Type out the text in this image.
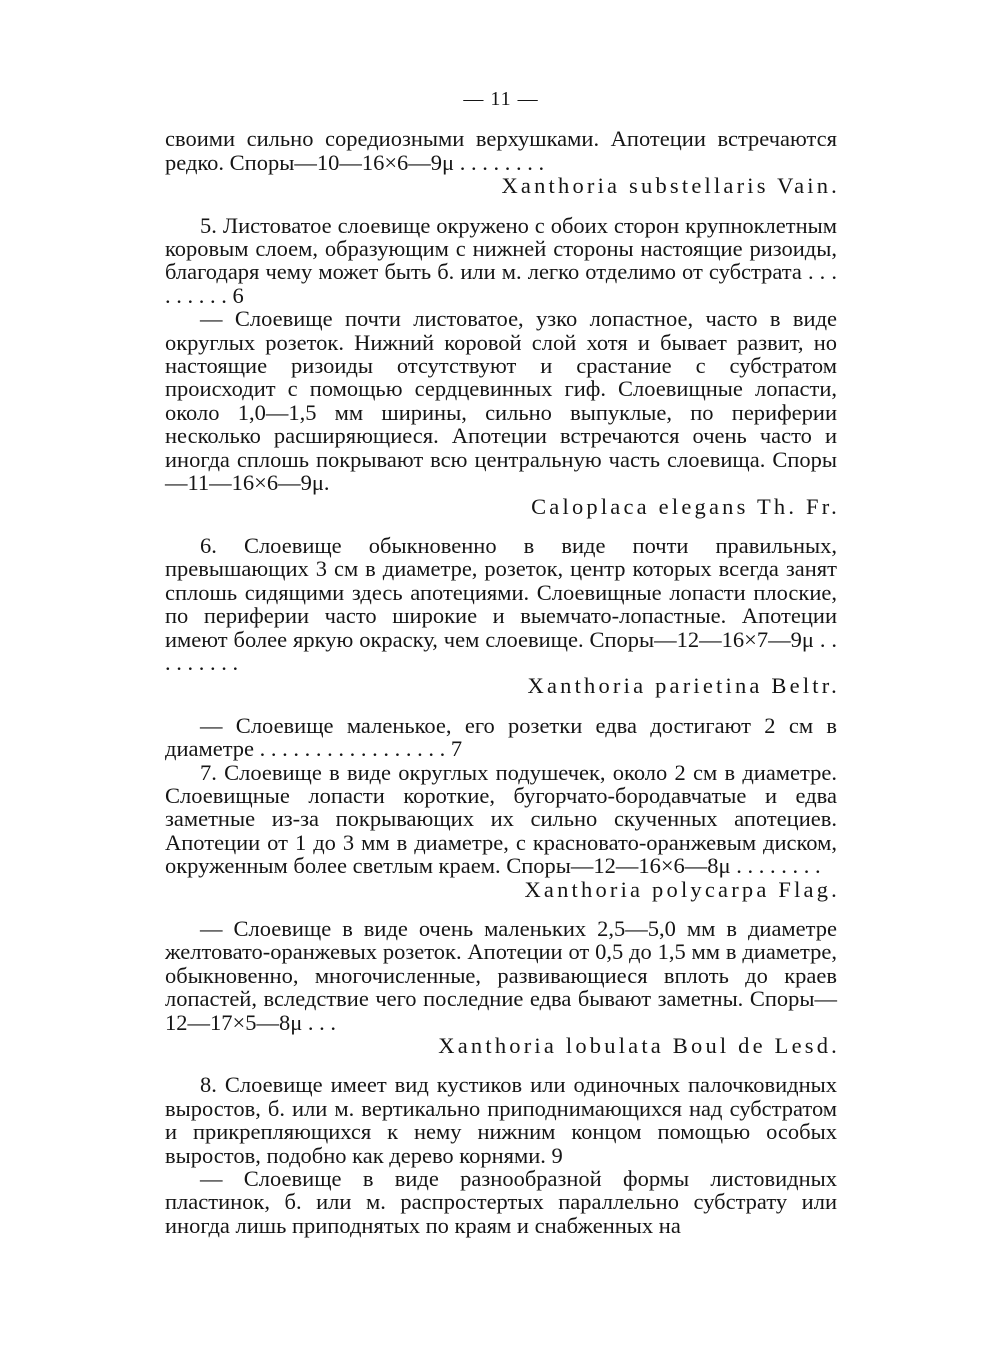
— 11 —
своими сильно соредиозными верхушками. Апотеции встречаются редко. Споры—10—16×6—9μ . . . . . . . .
Xanthoria substellaris Vain.
5. Листоватое слоевище окружено с обоих сторон крупноклетным коровым слоем, образующим с нижней стороны настоящие ризоиды, благодаря чему может быть б. или м. легко отделимо от субстрата . . . . . . . . . 6
— Слоевище почти листоватое, узко лопастное, часто в виде округлых розеток. Нижний коровой слой хотя и бывает развит, но настоящие ризоиды отсутствуют и срастание с субстратом происходит с помощью сердцевинных гиф. Слоевищные лопасти, около 1,0—1,5 мм ширины, сильно выпуклые, по периферии несколько расширяющиеся. Апотеции встречаются очень часто и иногда сплошь покрывают всю центральную часть слоевища. Споры—11—16×6—9μ.
Caloplaca elegans Th. Fr.
6. Слоевище обыкновенно в виде почти правильных, превышающих 3 см в диаметре, розеток, центр которых всегда занят сплошь сидящими здесь апотециями. Слоевищные лопасти плоские, по периферии часто широкие и выемчато-лопастные. Апотеции имеют более яркую окраску, чем слоевище. Споры—12—16×7—9μ . . . . . . . . .
Xanthoria parietina Beltr.
— Слоевище маленькое, его розетки едва достигают 2 см в диаметре . . . . . . . . . . . . . . . . . 7
7. Слоевище в виде округлых подушечек, около 2 см в диаметре. Слоевищные лопасти короткие, бугорчато-бородавчатые и едва заметные из-за покрывающих их сильно скученных апотециев. Апотеции от 1 до 3 мм в диаметре, с красновато-оранжевым диском, окруженным более светлым краем. Споры—12—16×6—8μ . . . . . . . .
Xanthoria polycarpa Flag.
— Слоевище в виде очень маленьких 2,5—5,0 мм в диаметре желтовато-оранжевых розеток. Апотеции от 0,5 до 1,5 мм в диаметре, обыкновенно, многочисленные, развивающиеся вплоть до краев лопастей, вследствие чего последние едва бывают заметны. Споры—12—17×5—8μ . . .
Xanthoria lobulata Boul de Lesd.
8. Слоевище имеет вид кустиков или одиночных палочковидных выростов, б. или м. вертикально приподнимающихся над субстратом и прикрепляющихся к нему нижним концом помощью особых выростов, подобно как дерево корнями. 9
— Слоевище в виде разнообразной формы листовидных пластинок, б. или м. распростертых параллельно субстрату или иногда лишь приподнятых по краям и снабженных на
